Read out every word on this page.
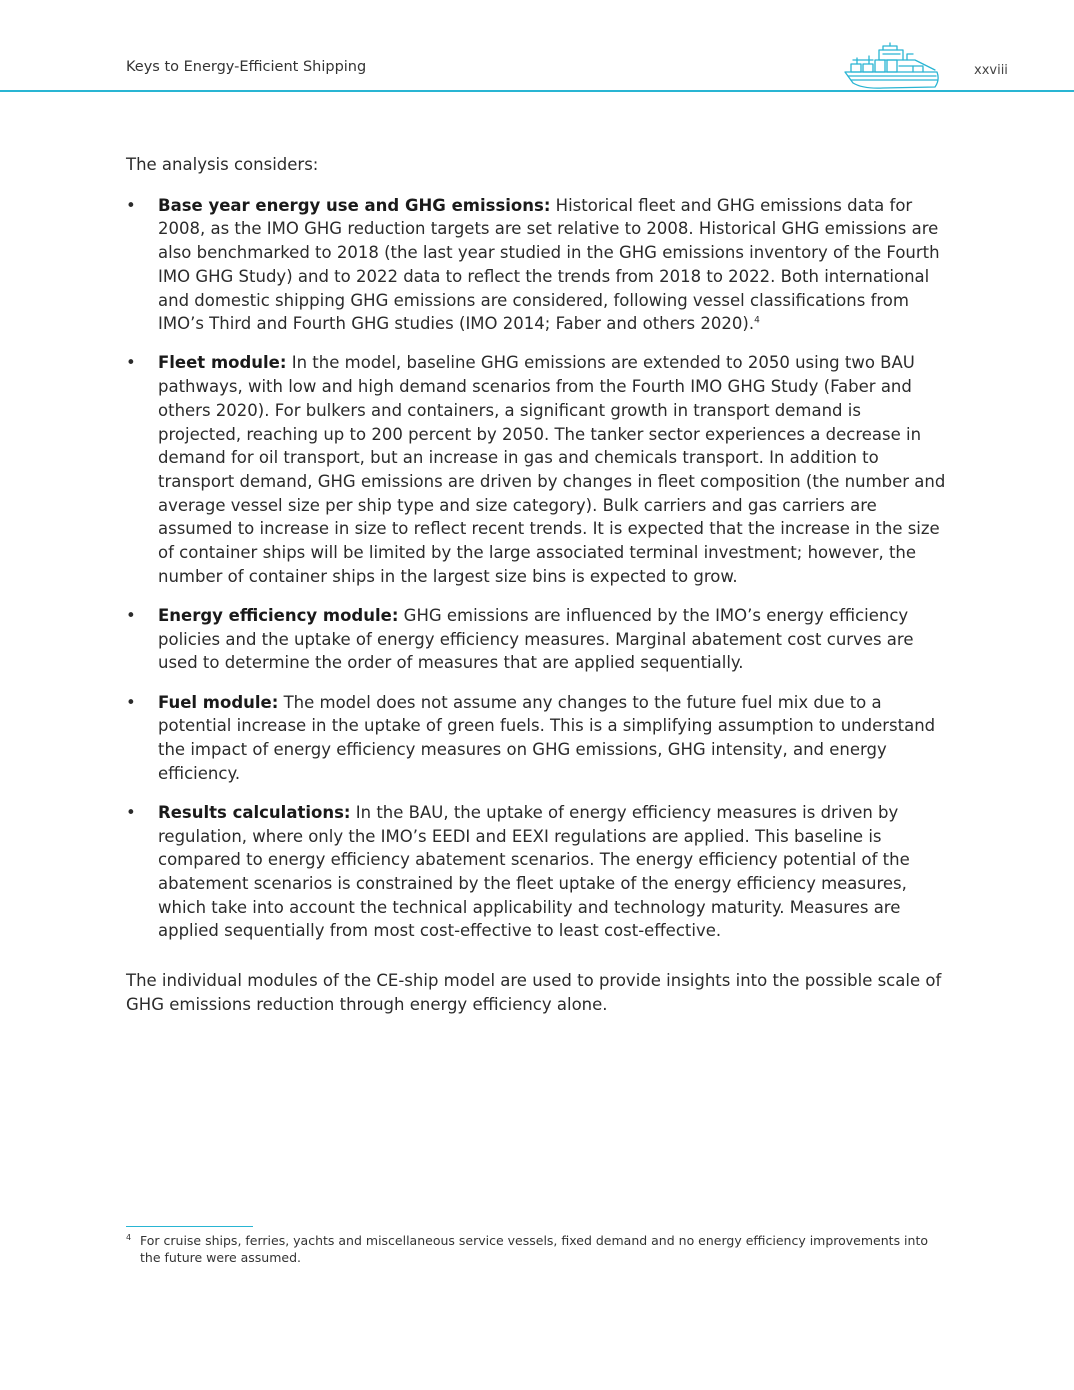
Keys to Energy-Efficient Shipping	xxviii

The analysis considers:

• Base year energy use and GHG emissions: Historical fleet and GHG emissions data for 2008, as the IMO GHG reduction targets are set relative to 2008. Historical GHG emissions are also benchmarked to 2018 (the last year studied in the GHG emissions inventory of the Fourth IMO GHG Study) and to 2022 data to reflect the trends from 2018 to 2022. Both international and domestic shipping GHG emissions are considered, following vessel classifications from IMO’s Third and Fourth GHG studies (IMO 2014; Faber and others 2020).$^4$
• Fleet module: In the model, baseline GHG emissions are extended to 2050 using two BAU pathways, with low and high demand scenarios from the Fourth IMO GHG Study (Faber and others 2020). For bulkers and containers, a significant growth in transport demand is projected, reaching up to 200 percent by 2050. The tanker sector experiences a decrease in demand for oil transport, but an increase in gas and chemicals transport. In addition to transport demand, GHG emissions are driven by changes in fleet composition (the number and average vessel size per ship type and size category). Bulk carriers and gas carriers are assumed to increase in size to reflect recent trends. It is expected that the increase in the size of container ships will be limited by the large associated terminal investment; however, the number of container ships in the largest size bins is expected to grow.
• Energy efficiency module: GHG emissions are influenced by the IMO’s energy efficiency policies and the uptake of energy efficiency measures. Marginal abatement cost curves are used to determine the order of measures that are applied sequentially.
• Fuel module: The model does not assume any changes to the future fuel mix due to a potential increase in the uptake of green fuels. This is a simplifying assumption to understand the impact of energy efficiency measures on GHG emissions, GHG intensity, and energy efficiency.
• Results calculations: In the BAU, the uptake of energy efficiency measures is driven by regulation, where only the IMO’s EEDI and EEXI regulations are applied. This baseline is compared to energy efficiency abatement scenarios. The energy efficiency potential of the abatement scenarios is constrained by the fleet uptake of the energy efficiency measures, which take into account the technical applicability and technology maturity. Measures are applied sequentially from most cost-effective to least cost-effective.

The individual modules of the CE-ship model are used to provide insights into the possible scale of GHG emissions reduction through energy efficiency alone.

4 For cruise ships, ferries, yachts and miscellaneous service vessels, fixed demand and no energy efficiency improvements into the future were assumed.
